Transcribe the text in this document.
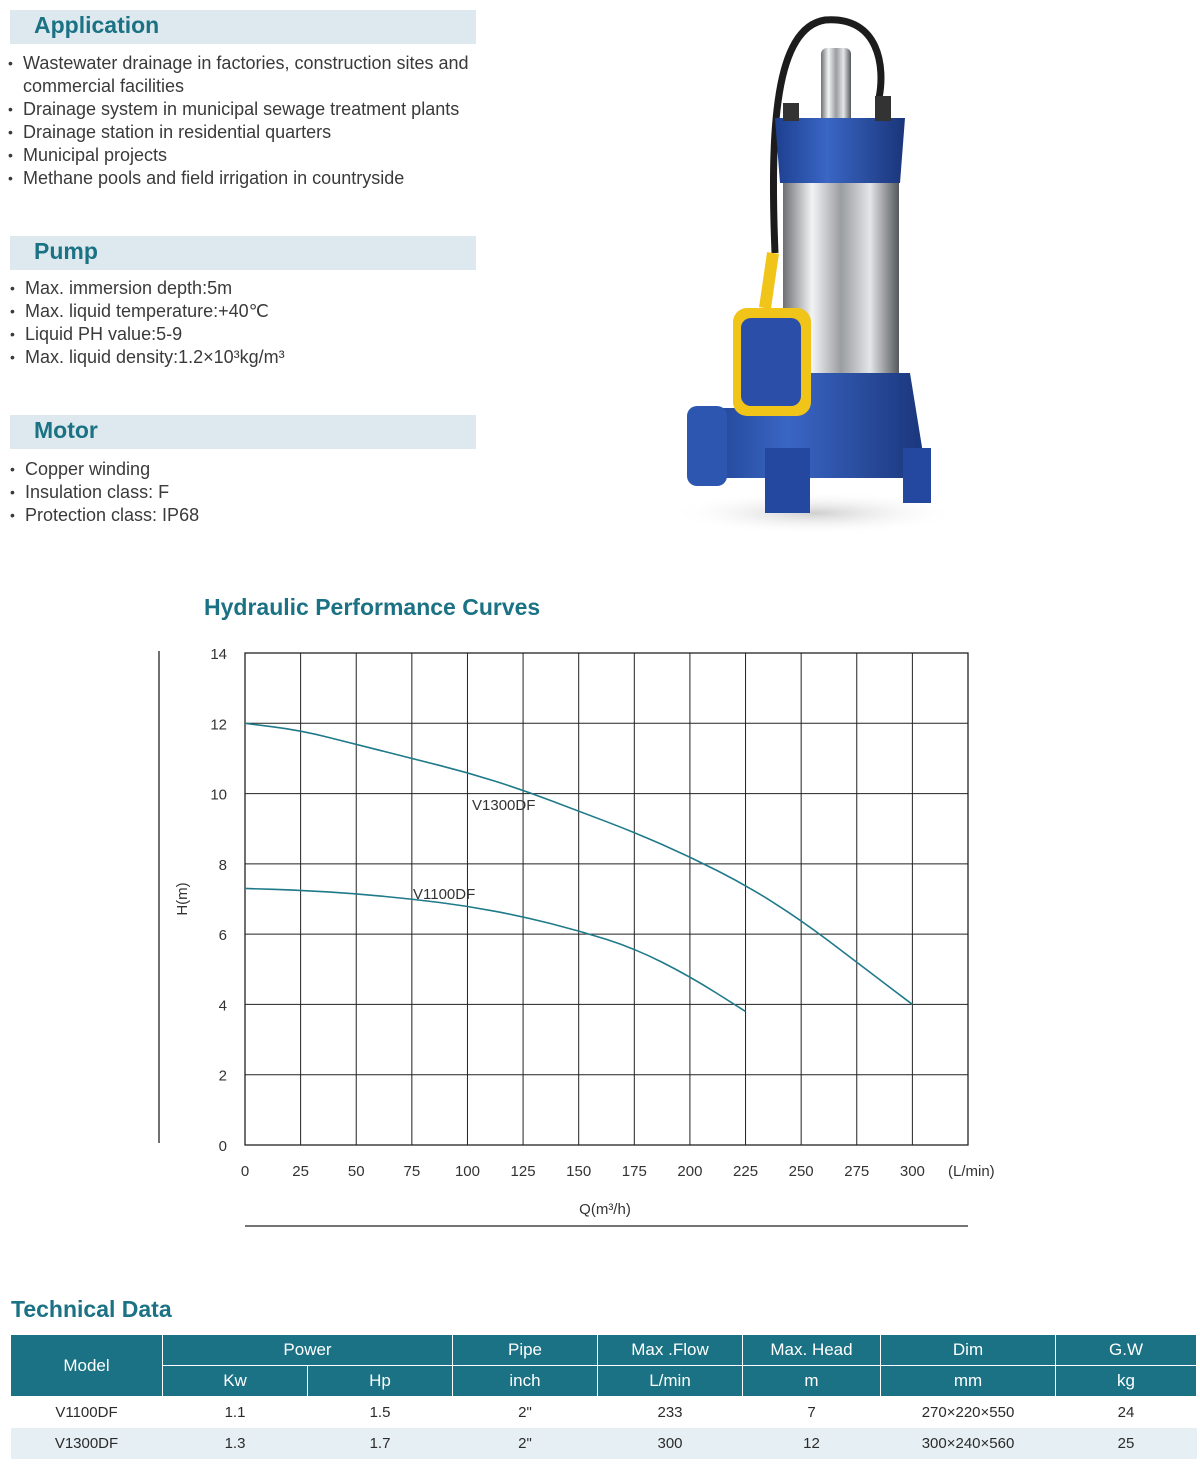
Application
• Wastewater drainage in factories, construction sites and commercial facilities
• Drainage system in municipal sewage treatment plants
• Drainage station in residential quarters
• Municipal projects
• Methane pools and field irrigation in countryside
Pump
• Max. immersion depth:5m
• Max. liquid temperature:+40℃
• Liquid PH value:5-9
• Max. liquid density:1.2×10³kg/m³
Motor
• Copper winding
• Insulation class: F
• Protection class: IP68
Hydraulic Performance Curves
0
2
4
6
8
10
12
14
0	25	50	75 100 125 150 175 200 225 250 275 300 (L/min)
H(m)
Q(m³/h)
V1300DF
V1100DF
Technical Data
Model	Power		Pipe	Max .Flow	Max. Head	Dim	G.W
	Kw	Hp	inch	L/min	m	mm	kg
V1100DF	1.1	1.5	2"	233	7	270×220×550	24
V1300DF	1.3	1.7	2"	300	12	300×240×560	25
